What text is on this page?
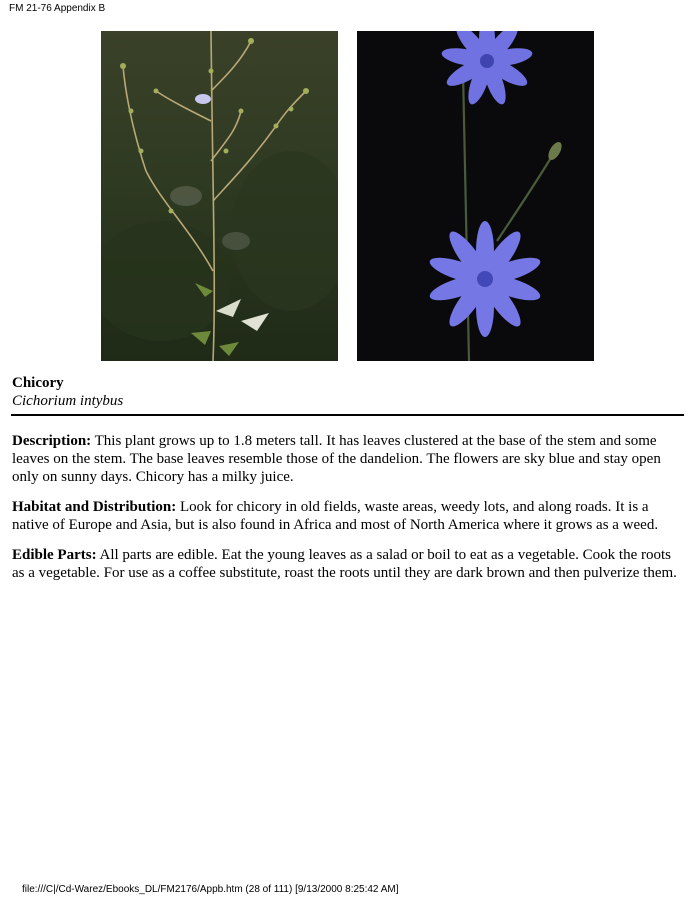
FM 21-76 Appendix B
Chicory
Cichorium intybus

Description: This plant grows up to 1.8 meters tall. It has leaves clustered at the base of the stem and some leaves on the stem. The base leaves resemble those of the dandelion. The flowers are sky blue and stay open only on sunny days. Chicory has a milky juice.

Habitat and Distribution: Look for chicory in old fields, waste areas, weedy lots, and along roads. It is a native of Europe and Asia, but is also found in Africa and most of North America where it grows as a weed.

Edible Parts: All parts are edible. Eat the young leaves as a salad or boil to eat as a vegetable. Cook the roots as a vegetable. For use as a coffee substitute, roast the roots until they are dark brown and then pulverize them.

file:///C|/Cd-Warez/Ebooks_DL/FM2176/Appb.htm (28 of 111) [9/13/2000 8:25:42 AM]
